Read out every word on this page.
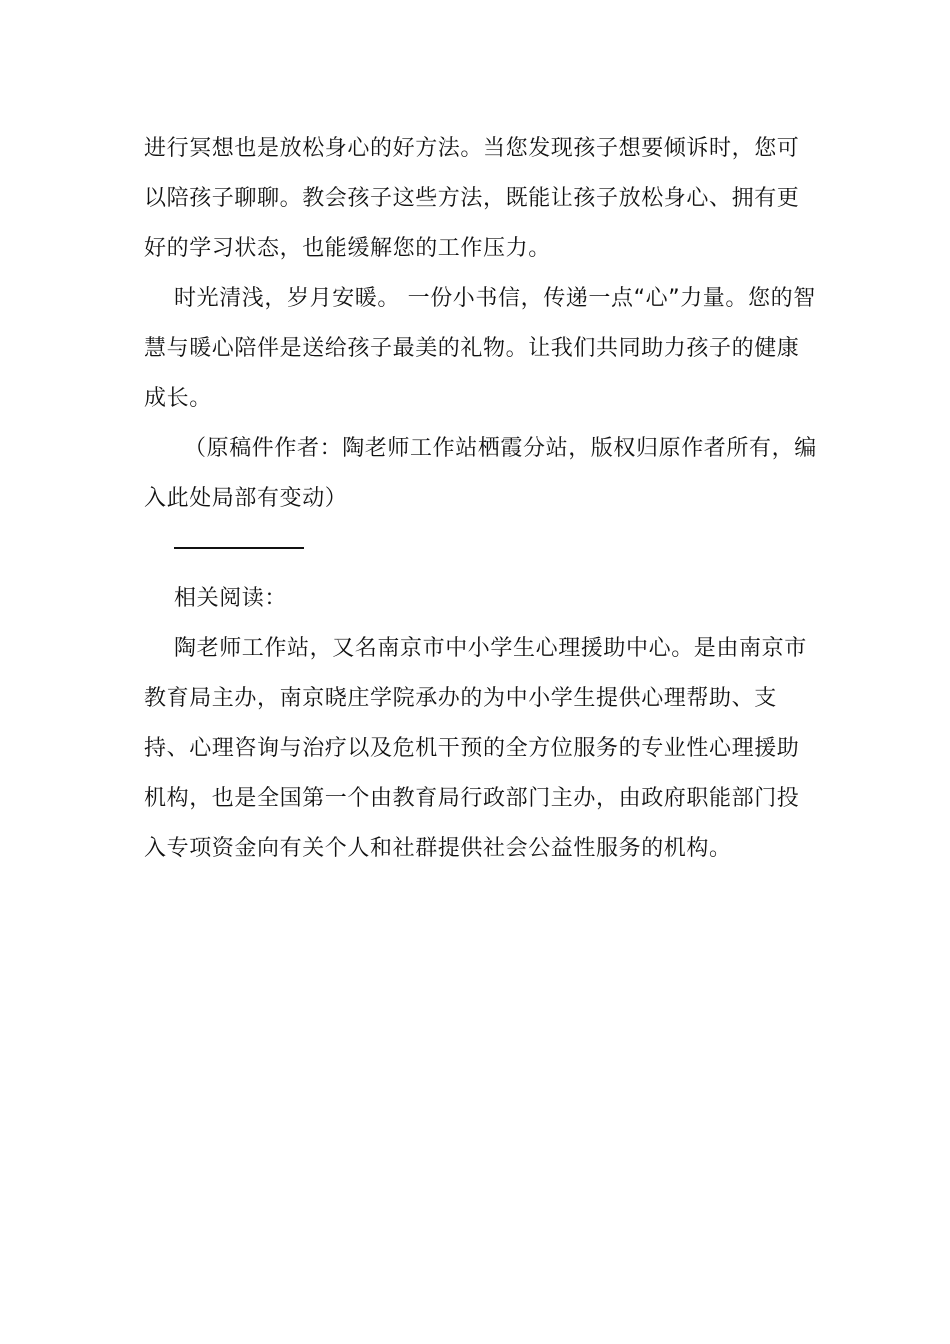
进行冥想也是放松身心的好方法。当您发现孩子想要倾诉时，您可
以陪孩子聊聊。教会孩子这些方法，既能让孩子放松身心、拥有更
好的学习状态，也能缓解您的工作压力。

时光清浅，岁月安暖。 一份小书信，传递一点“心”力量。您的智
慧与暖心陪伴是送给孩子最美的礼物。让我们共同助力孩子的健康
成长。

（原稿件作者：陶老师工作站栖霞分站，版权归原作者所有，编
入此处局部有变动）

相关阅读：

陶老师工作站，又名南京市中小学生心理援助中心。是由南京市
教育局主办，南京晓庄学院承办的为中小学生提供心理帮助、支
持、心理咨询与治疗以及危机干预的全方位服务的专业性心理援助
机构，也是全国第一个由教育局行政部门主办，由政府职能部门投
入专项资金向有关个人和社群提供社会公益性服务的机构。
